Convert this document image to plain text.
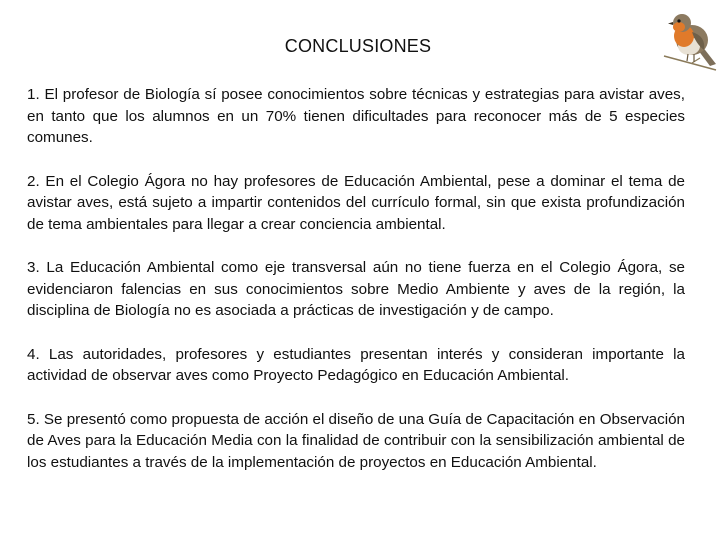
CONCLUSIONES

1. El profesor de Biología sí posee conocimientos sobre técnicas y estrategias para avistar aves, en tanto que los alumnos en un 70% tienen dificultades para reconocer más de 5 especies comunes.

2. En el Colegio Ágora no hay profesores de Educación Ambiental, pese a dominar el tema de avistar aves, está sujeto a impartir contenidos del currículo formal, sin que exista profundización de tema ambientales para llegar a crear conciencia ambiental.

3. La Educación Ambiental como eje transversal aún no tiene fuerza en el Colegio Ágora, se evidenciaron falencias en sus conocimientos sobre Medio Ambiente y aves de la región, la disciplina de Biología no es asociada a prácticas de investigación y de campo.

4. Las autoridades, profesores y estudiantes presentan interés y consideran importante la actividad de observar aves como Proyecto Pedagógico en Educación Ambiental.

5. Se presentó como propuesta de acción el diseño de una Guía de Capacitación en Observación de Aves para la Educación Media con la finalidad de contribuir con la sensibilización ambiental de los estudiantes a través de la implementación de proyectos en Educación Ambiental.
